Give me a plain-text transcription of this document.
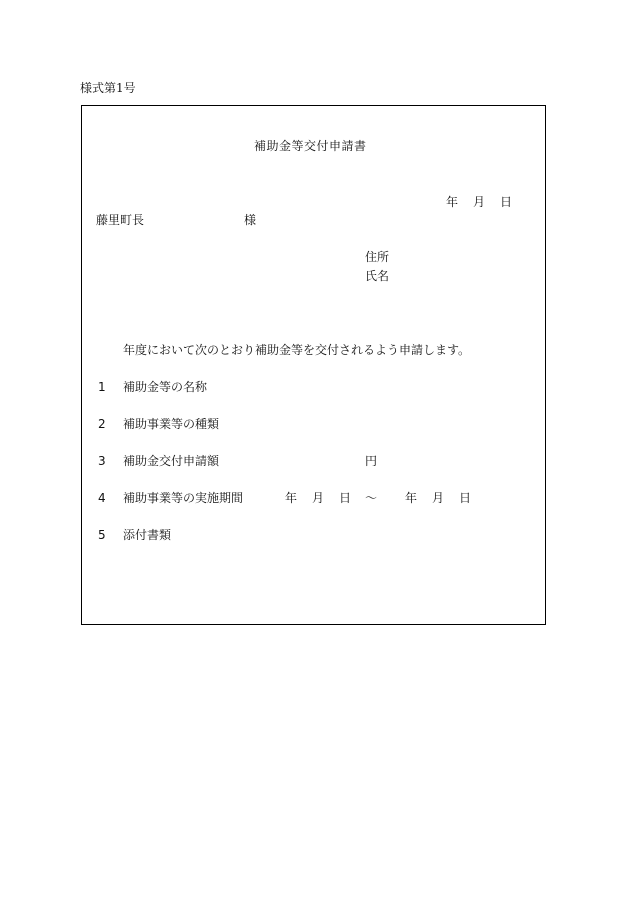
様式第1号
補助金等交付申請書
年 月 日
藤里町長	様
住所
氏名
年度において次のとおり補助金等を交付されるよう申請します。
1 補助金等の名称
2 補助事業等の種類
3 補助金交付申請額	円
4 補助事業等の実施期間	年 月 日 ～ 年 月 日
5 添付書類
